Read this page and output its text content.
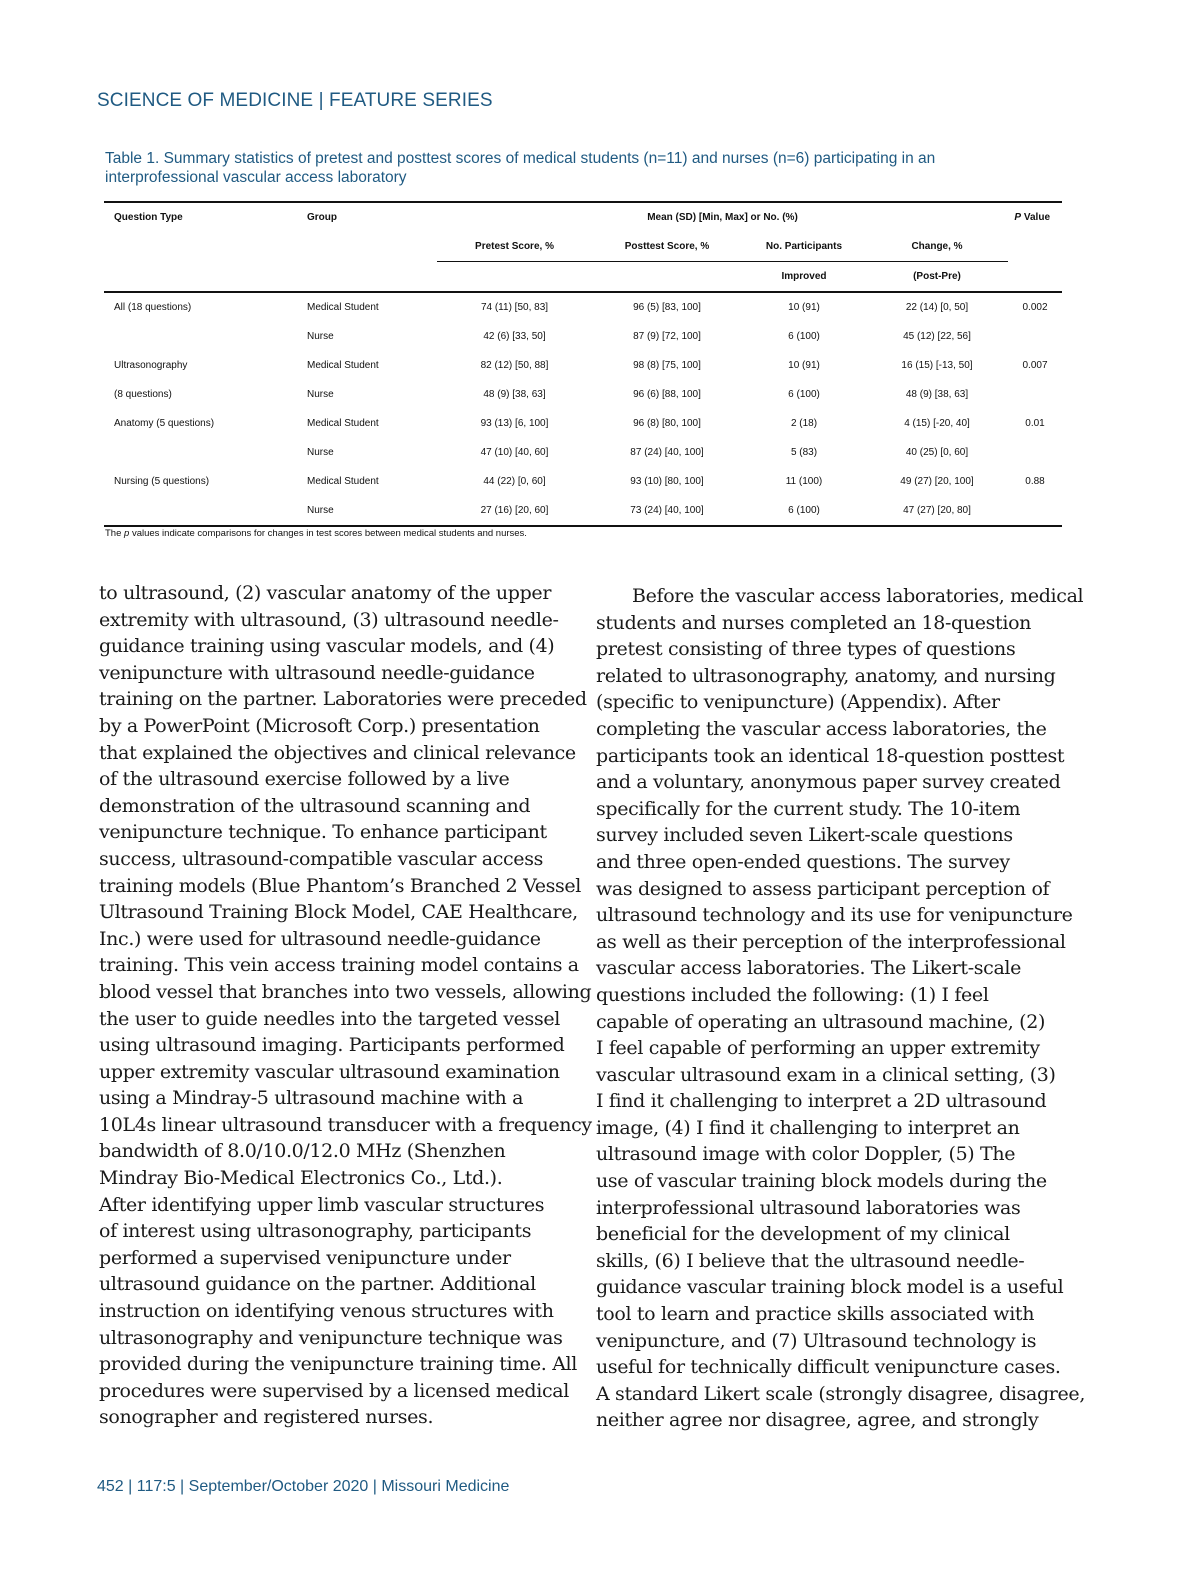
SCIENCE OF MEDICINE | FEATURE SERIES
Table 1. Summary statistics of pretest and posttest scores of medical students (n=11) and nurses (n=6) participating in an interprofessional vascular access laboratory
Question Type	Group	Mean (SD) [Min, Max] or No. (%)				P Value
		Pretest Score, %	Posttest Score, %	No. Participants	Change, %	
				Improved	(Post-Pre)	
All (18 questions)	Medical Student	74 (11) [50, 83]	96 (5) [83, 100]	10 (91)	22 (14) [0, 50]	0.002
	Nurse	42 (6) [33, 50]	87 (9) [72, 100]	6 (100)	45 (12) [22, 56]	
Ultrasonography	Medical Student	82 (12) [50, 88]	98 (8) [75, 100]	10 (91)	16 (15) [-13, 50]	0.007
(8 questions)	Nurse	48 (9) [38, 63]	96 (6) [88, 100]	6 (100)	48 (9) [38, 63]	
Anatomy (5 questions)	Medical Student	93 (13) [6, 100]	96 (8) [80, 100]	2 (18)	4 (15) [-20, 40]	0.01
	Nurse	47 (10) [40, 60]	87 (24) [40, 100]	5 (83)	40 (25) [0, 60]	
Nursing (5 questions)	Medical Student	44 (22) [0, 60]	93 (10) [80, 100]	11 (100)	49 (27) [20, 100]	0.88
	Nurse	27 (16) [20, 60]	73 (24) [40, 100]	6 (100)	47 (27) [20, 80]	
The p values indicate comparisons for changes in test scores between medical students and nurses.
to ultrasound, (2) vascular anatomy of the upper
extremity with ultrasound, (3) ultrasound needle-
guidance training using vascular models, and (4)
venipuncture with ultrasound needle-guidance
training on the partner. Laboratories were preceded
by a PowerPoint (Microsoft Corp.) presentation
that explained the objectives and clinical relevance
of the ultrasound exercise followed by a live
demonstration of the ultrasound scanning and
venipuncture technique. To enhance participant
success, ultrasound-compatible vascular access
training models (Blue Phantom’s Branched 2 Vessel
Ultrasound Training Block Model, CAE Healthcare,
Inc.) were used for ultrasound needle-guidance
training. This vein access training model contains a
blood vessel that branches into two vessels, allowing
the user to guide needles into the targeted vessel
using ultrasound imaging. Participants performed
upper extremity vascular ultrasound examination
using a Mindray-5 ultrasound machine with a
10L4s linear ultrasound transducer with a frequency
bandwidth of 8.0/10.0/12.0 MHz (Shenzhen
Mindray Bio-Medical Electronics Co., Ltd.).
After identifying upper limb vascular structures
of interest using ultrasonography, participants
performed a supervised venipuncture under
ultrasound guidance on the partner. Additional
instruction on identifying venous structures with
ultrasonography and venipuncture technique was
provided during the venipuncture training time. All
procedures were supervised by a licensed medical
sonographer and registered nurses.
Before the vascular access laboratories, medical
students and nurses completed an 18-question
pretest consisting of three types of questions
related to ultrasonography, anatomy, and nursing
(specific to venipuncture) (Appendix). After
completing the vascular access laboratories, the
participants took an identical 18-question posttest
and a voluntary, anonymous paper survey created
specifically for the current study. The 10-item
survey included seven Likert-scale questions
and three open-ended questions. The survey
was designed to assess participant perception of
ultrasound technology and its use for venipuncture
as well as their perception of the interprofessional
vascular access laboratories. The Likert-scale
questions included the following: (1) I feel
capable of operating an ultrasound machine, (2)
I feel capable of performing an upper extremity
vascular ultrasound exam in a clinical setting, (3)
I find it challenging to interpret a 2D ultrasound
image, (4) I find it challenging to interpret an
ultrasound image with color Doppler, (5) The
use of vascular training block models during the
interprofessional ultrasound laboratories was
beneficial for the development of my clinical
skills, (6) I believe that the ultrasound needle-
guidance vascular training block model is a useful
tool to learn and practice skills associated with
venipuncture, and (7) Ultrasound technology is
useful for technically difficult venipuncture cases.
A standard Likert scale (strongly disagree, disagree,
neither agree nor disagree, agree, and strongly
452 | 117:5 | September/October 2020 | Missouri Medicine
